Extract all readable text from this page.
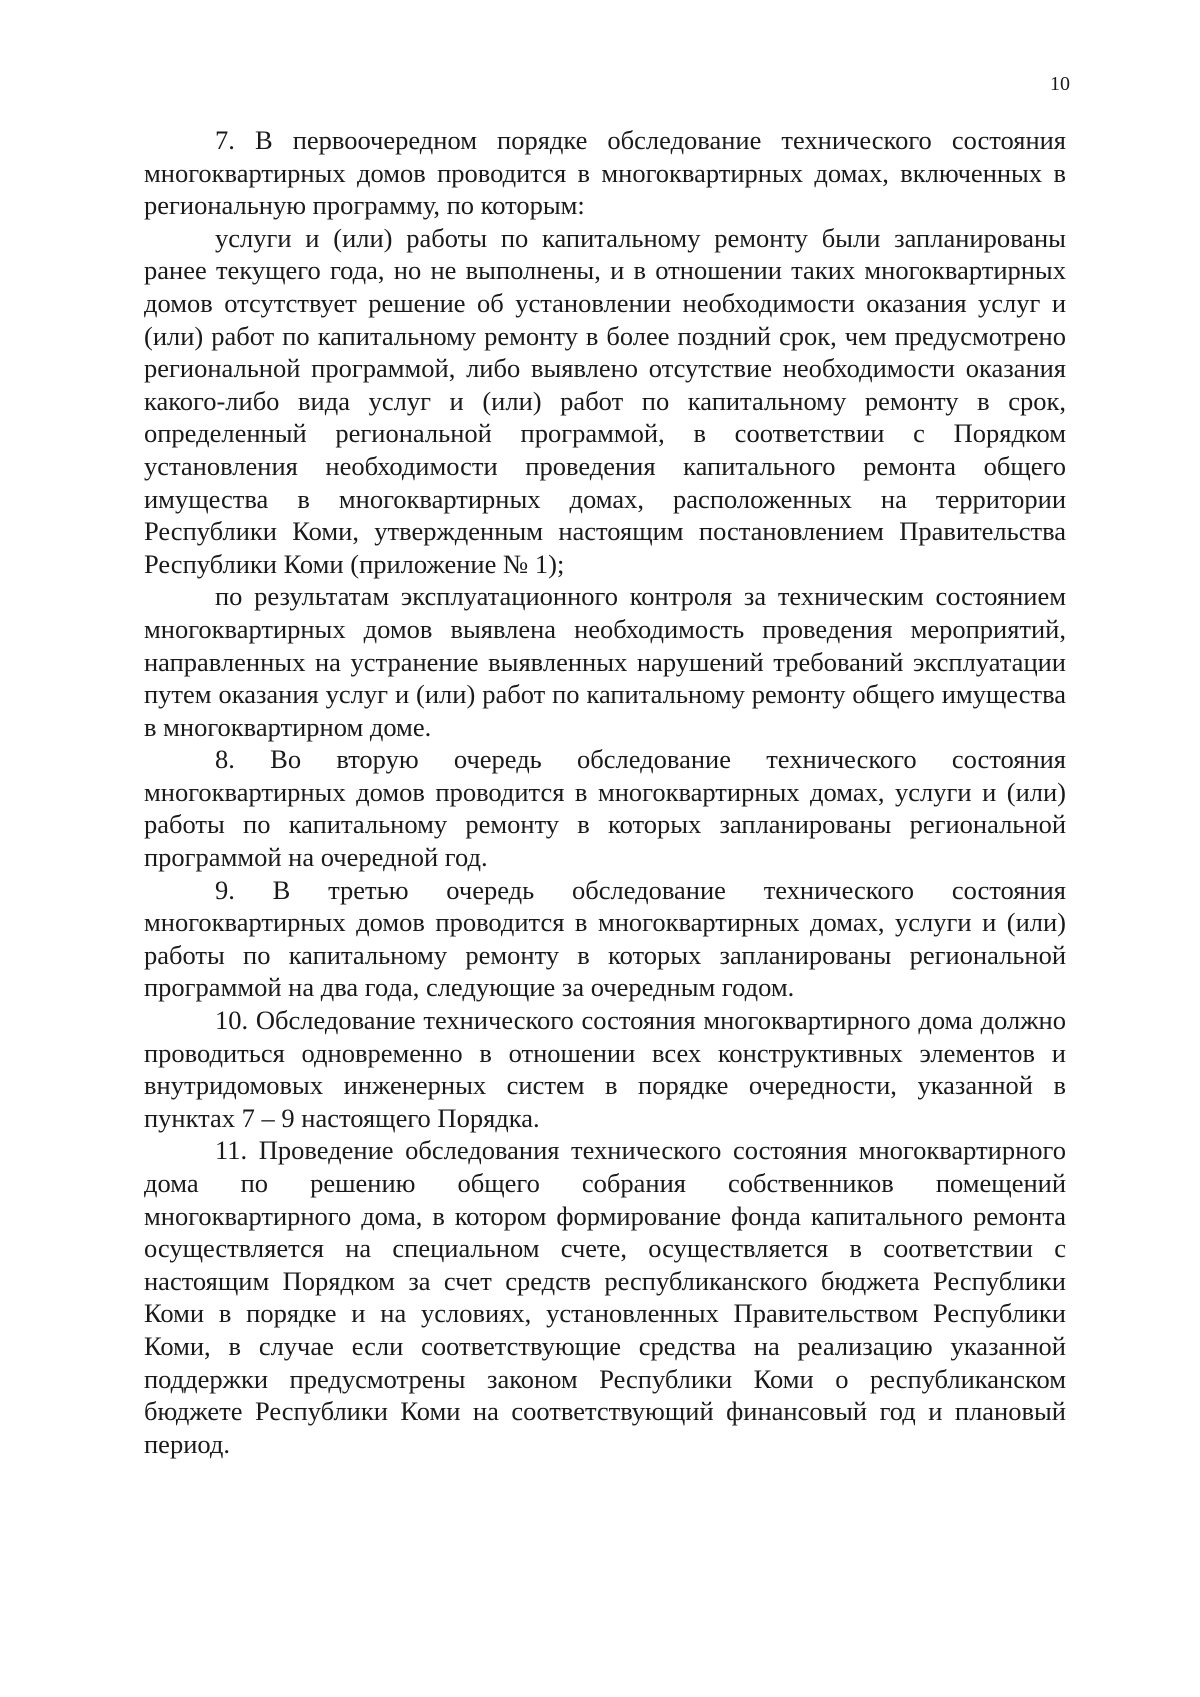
10

7. В первоочередном порядке обследование технического состояния многоквартирных домов проводится в многоквартирных домах, включенных в региональную программу, по которым:

услуги и (или) работы по капитальному ремонту были запланированы ранее текущего года, но не выполнены, и в отношении таких многоквартирных домов отсутствует решение об установлении необходимости оказания услуг и (или) работ по капитальному ремонту в более поздний срок, чем предусмотрено региональной программой, либо выявлено отсутствие необходимости оказания какого-либо вида услуг и (или) работ по капитальному ремонту в срок, определенный региональной программой, в соответствии с Порядком установления необходимости проведения капитального ремонта общего имущества в многоквартирных домах, расположенных на территории Республики Коми, утвержденным настоящим постановлением Правительства Республики Коми (приложение № 1);

по результатам эксплуатационного контроля за техническим состоянием многоквартирных домов выявлена необходимость проведения мероприятий, направленных на устранение выявленных нарушений требований эксплуатации путем оказания услуг и (или) работ по капитальному ремонту общего имущества в многоквартирном доме.

8. Во вторую очередь обследование технического состояния многоквартирных домов проводится в многоквартирных домах, услуги и (или) работы по капитальному ремонту в которых запланированы региональной программой на очередной год.

9. В третью очередь обследование технического состояния многоквартирных домов проводится в многоквартирных домах, услуги и (или) работы по капитальному ремонту в которых запланированы региональной программой на два года, следующие за очередным годом.

10. Обследование технического состояния многоквартирного дома должно проводиться одновременно в отношении всех конструктивных элементов и внутридомовых инженерных систем в порядке очередности, указанной в пунктах 7 – 9 настоящего Порядка.

11. Проведение обследования технического состояния многоквартирного дома по решению общего собрания собственников помещений многоквартирного дома, в котором формирование фонда капитального ремонта осуществляется на специальном счете, осуществляется в соответствии с настоящим Порядком за счет средств республиканского бюджета Республики Коми в порядке и на условиях, установленных Правительством Республики Коми, в случае если соответствующие средства на реализацию указанной поддержки предусмотрены законом Республики Коми о республиканском бюджете Республики Коми на соответствующий финансовый год и плановый период.
